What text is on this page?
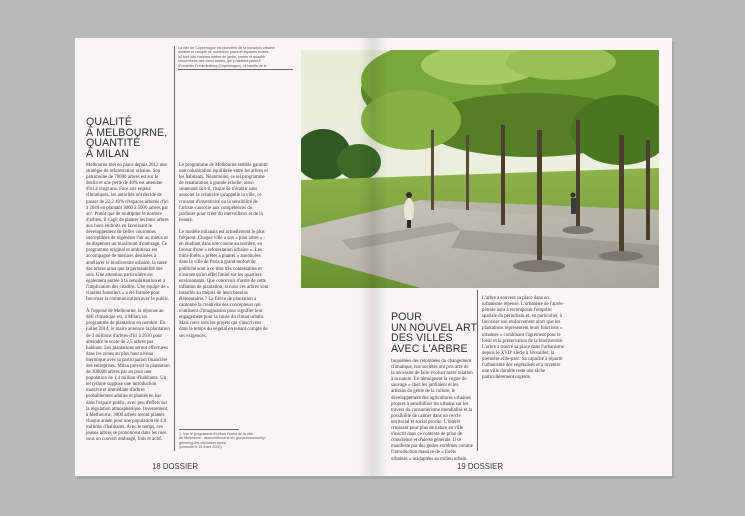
La ville de Copenhague est pionnière de la transition urbaine
durable et compte de nombreux parcs et espaces boisés.
Ici sont des rosières ombre de jardin, ombre et quartier
concentrées des vieux arbres, qui y habitent partout
(Frederiks Frederiksberg (Copenhague), la carolla de la
QUALITÉ
À MELBOURNE,
QUANTITÉ
À MILAN

Melbourne met en place depuis 2012 une stratégie de reforestation urbaine. Son patrimoine de 70000 arbres est sur le déclin et une perte de 40% est attendue d'ici à vingt ans. Face aux enjeux climatiques, les autorités ont décidé de passer de 22,2 40% d'espaces arborés d'ici à 2040 en plantant 3000 à 5000 arbres par an¹. Plutôt que de multiplier le nombre d'arbres, il s'agit de planter les bons arbres aux bons endroits en favorisant le développement de belles couronnes susceptibles de régénérer l'air au mieux et de dispenser un maximum d'ombrage. Ce programme original et ambitieux est accompagné de mesures destinées à améliorer le biodiversité urbaine, la santé des arbres ainsi que la perméabilité des sols. Une attention particulière est également portée à la sensibilisation et à l'implication des citadins. Une équipe de « citadins forestiers » a été formée pour favoriser la communication avec le public.

À l'opposé de Melbourne, la réponse au défi climatique est, à Milan, un programme de plantation en nombre. En juillet 2014, le maire annonce la plantation de 3 millions d'arbres d'ici à 2030 pour atteindre le score de 2,5 arbres par habitant. Les plantations seront effectuées dans les zones au plus haut niveau thermique avec la participation financière des entreprises. Milan prévoit la plantation de 100000 arbres par an pour une population de 1,4 million d'habitants. Un tel rythme suppose une introduction massive et immédiate d'arbres probablement adultes et plantés en bac dans l'espace public, avec peu d'effets sur la régulation atmosphérique. Inversement, à Melbourne, 3000 arbres seront plantés chaque année pour une population de 4,8 millions d'habitants. Avec le temps, ces jeunes arbres se prononcent dans les rues sous un couvert ombragé, frais et actif.

Le programme de Melbourne semble garantir une cohabitation équilibrée entre les arbres et les habitants. Néanmoins, ce tel programme de renaturation à grande échelle, aussi soutenant soit-il, risque de n'établir sans associer la créativité qu'appelle la ville, ce croisant d'inventivité ou la sensibilité de l'artiste s'associe aux compétences du jardinier pour créer du merveilleux et de la beauté.

Le modèle milanais est actuellement le plus fréquent. Chaque ville a son « plan arbre » : en étudiant dans une course au nombre, en faveur d'une « reforestation urbaine ». Les mini-forêts « prêtes à planter » annoncées dans la ville de Paris à grand renfort de publicité sont à ce titre très contestables et n'auront qu'un effet limité sur les quartiers environnants. Que concevoir d'autre de cette inflation de plantation, si nous ces arbres sont installés au mépris de leurs besoins élémentaires ? La fièvre de plantation a cantonné la créativité des concepteurs qui n'utilisent d'imagination pour signifier leur engagement pour la cause du climat urbain. Mais rares sont les projets qui s'inscrivent dans le temps du végétal en tenant compte de ses exigences.

1. Voir le programme d'Urban Forest de la ville
de Melbourne : www.melbourne.vic.gov.au/community/
greening-the-city/urban-forest
(consulté le 15 mars 2020).
18 DOSSIER
POUR
UN NOUVEL ART
DES VILLES
AVEC L'ARBRE

Inquiétées des retombées du changement climatique, nos sociétés ont pris acte de la nécessité de faire évoluer notre relation à la nature. En témoignent la vogue du sauvage « chez les jardiniers et les artisans du génie de la culture, le développement des agricultures urbaines propres à sensibiliser les urbains sur les travers du consumérisme mondialisé et la possibilité de calmer dans un cercle territorial et social proche. L'intérêt croissant pour plus de nature en ville s'inscrit dans ce contexte de prise de conscience et d'alerte générale. Il se manifeste par des gestes extrêmes comme l'introduction massive de « forêts urbaines » inadaptées au milieu urbain.

L'arbre a souvent sa place dans un urbanisme repensé. L'urbaniste de l'après-pétrole aura à recomposer l'emprise spatiale du périurbain et, en particulier, à favoriser son renforcement alors que les plantations représentent leurs fonctions « urbaines » combinant l'agrément pour le loisir et la préservation de la biodiversité. L'arbre a trouvé sa place dans l'urbanisme depuis le XVIIᵉ siècle à Versailles, la première ville-parc. Sa capacité à répartir l'urbanisme des végétalisés et à inventer une ville durable reste une tâche particulièrement urgente.

19 DOSSIER
